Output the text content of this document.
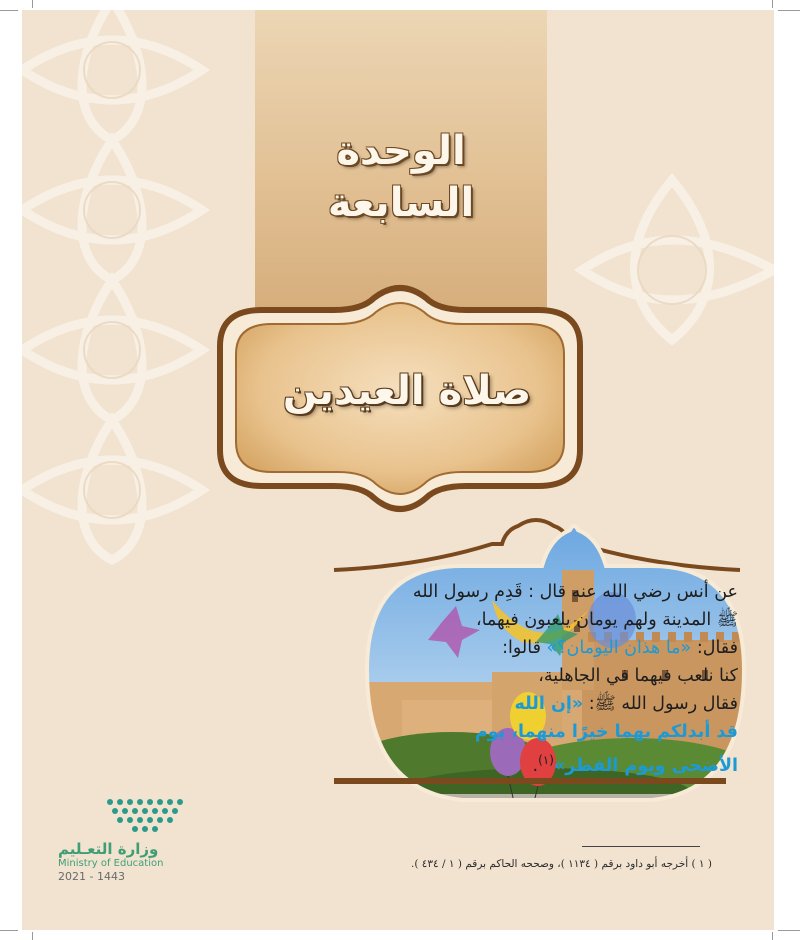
الوحدة
السابعة
صلاة العيدين
عن أنس رضي الله عنه قال : قَدِم رسول الله
ﷺ المدينة ولهم يومان يلعبون فيهما،
فقال: «ما هذان اليومان؟» قالوا:
كنا نلعب فيهما في الجاهلية،
فقال رسول الله ﷺ: «إن الله
قد أبدلكم بهما خيرًا منهما، يوم
الأضحى ويوم الفطر»$^{(١)}$.
( ١ ) أخرجه أبو داود برقم ( ١١٣٤ )، وصححه الحاكم برقم ( ١ / ٤٣٤ ).
وزارة التعـليم
Ministry of Education
2021 - 1443
